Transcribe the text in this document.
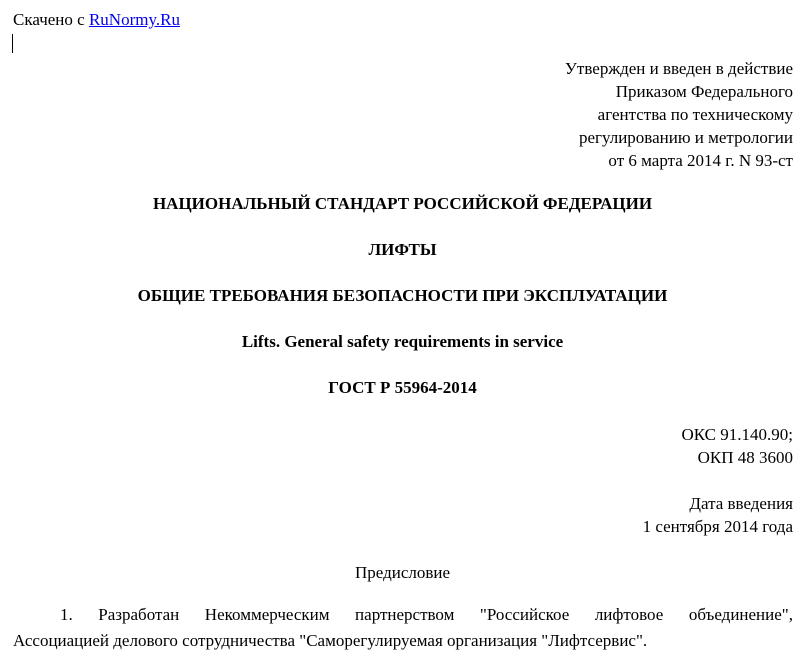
Скачено с RuNormy.Ru
Утвержден и введен в действие
Приказом Федерального
агентства по техническому
регулированию и метрологии
от 6 марта 2014 г. N 93-ст
НАЦИОНАЛЬНЫЙ СТАНДАРТ РОССИЙСКОЙ ФЕДЕРАЦИИ
ЛИФТЫ
ОБЩИЕ ТРЕБОВАНИЯ БЕЗОПАСНОСТИ ПРИ ЭКСПЛУАТАЦИИ
Lifts. General safety requirements in service
ГОСТ Р 55964-2014
ОКС 91.140.90;
ОКП 48 3600
Дата введения
1 сентября 2014 года
Предисловие
1. Разработан Некоммерческим партнерством "Российское лифтовое объединение",
Ассоциацией делового сотрудничества "Саморегулируемая организация "Лифтсервис".
